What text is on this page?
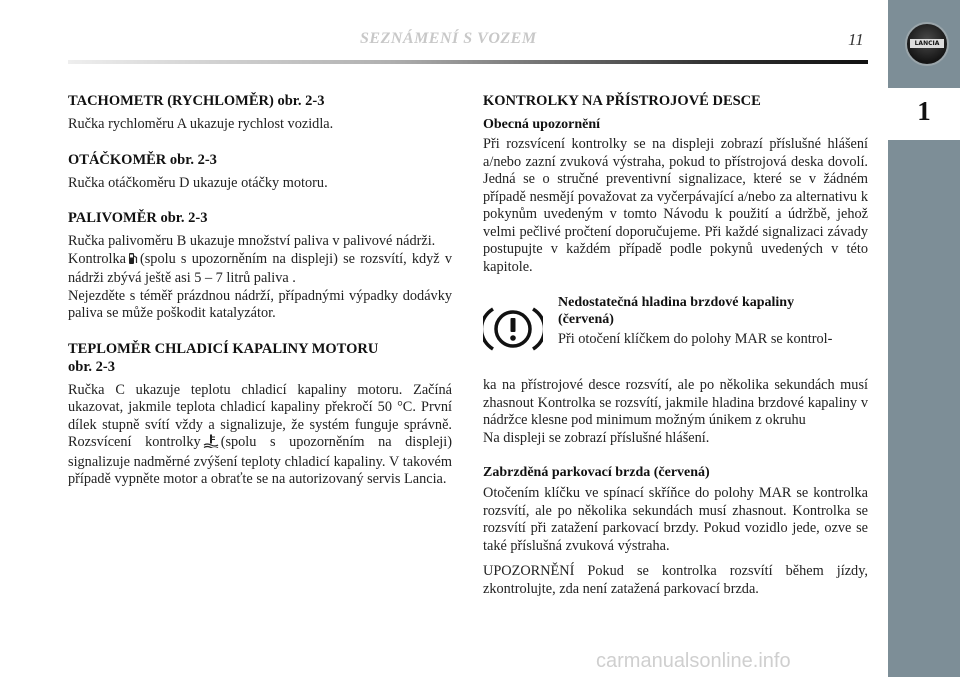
SEZNÁMENÍ S VOZEM	11
1
LANCIA
TACHOMETR (RYCHLOMĚR) obr. 2-3

Ručka rychloměru A ukazuje rychlost vozidla.

OTÁČKOMĚR obr. 2-3

Ručka otáčkoměru D ukazuje otáčky motoru.

PALIVOMĚR obr. 2-3

Ručka palivoměru B ukazuje množství paliva v palivové nádrži.

Kontrolka (spolu s upozorněním na displeji) se rozsvítí, když v nádrži zbývá ještě asi 5 – 7 litrů paliva .

Nejezděte s téměř prázdnou nádrží, případnými výpadky dodávky paliva se může poškodit katalyzátor.

TEPLOMĚR CHLADICÍ KAPALINY MOTORU
obr. 2-3

Ručka C ukazuje teplotu chladicí kapaliny motoru. Začíná ukazovat, jakmile teplota chladicí kapaliny překročí 50 °C. První dílek stupně svítí vždy a signalizuje, že systém funguje správně. Rozsvícení kontrolky (spolu s upozorněním na displeji) signalizuje nadměrné zvýšení teploty chladicí kapaliny. V takovém případě vypněte motor a obraťte se na autorizovaný servis Lancia.

KONTROLKY NA PŘÍSTROJOVÉ DESCE
Obecná upozornění

Při rozsvícení kontrolky se na displeji zobrazí příslušné hlášení a/nebo zazní zvuková výstraha, pokud to přístrojová deska dovolí. Jedná se o stručné preventivní signalizace, které se v žádném případě nesmějí považovat za vyčerpávající a/nebo za alternativu k pokynům uvedeným v tomto Návodu k použití a údržbě, jehož velmi pečlivé pročtení doporučujeme. Při každé signalizaci závady postupujte v každém případě podle pokynů uvedených v této kapitole.

Nedostatečná hladina brzdové kapaliny
(červená)

Při otočení klíčkem do polohy MAR se kontrol-

ka na přístrojové desce rozsvítí, ale po několika sekundách musí zhasnout Kontrolka se rozsvítí, jakmile hladina brzdové kapaliny v nádržce klesne pod minimum možným únikem z okruhu

Na displeji se zobrazí příslušné hlášení.

Zabrzděná parkovací brzda (červená)

Otočením klíčku ve spínací skříňce do polohy MAR se kontrolka rozsvítí, ale po několika sekundách musí zhasnout. Kontrolka se rozsvítí při zatažení parkovací brzdy. Pokud vozidlo jede, ozve se také příslušná zvuková výstraha.

UPOZORNĚNÍ Pokud se kontrolka rozsvítí během jízdy, zkontrolujte, zda není zatažená parkovací brzda.

carmanualsonline.info
